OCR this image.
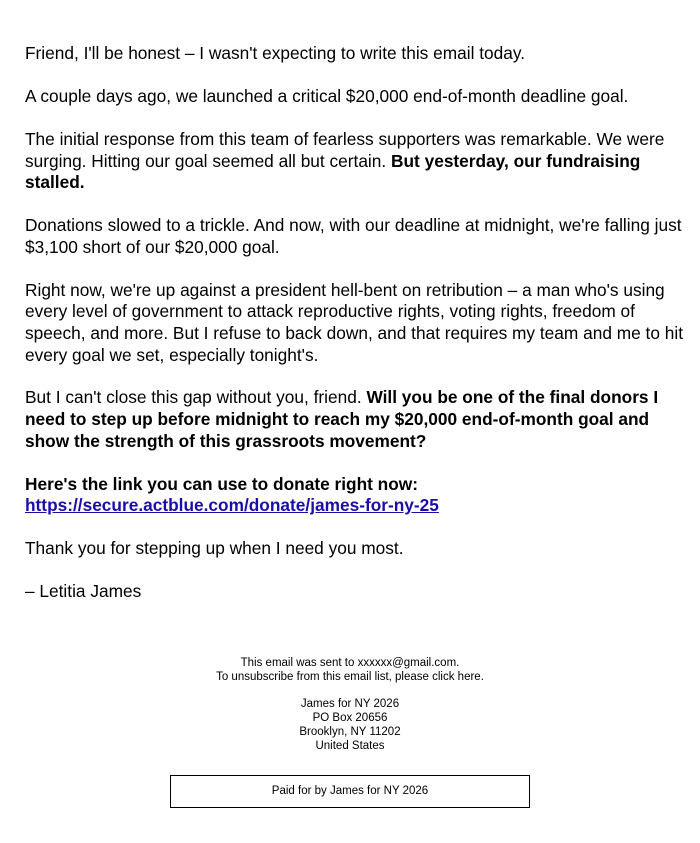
Friend, I'll be honest – I wasn't expecting to write this email today.

A couple days ago, we launched a critical $20,000 end-of-month deadline goal.

The initial response from this team of fearless supporters was remarkable. We were surging. Hitting our goal seemed all but certain. But yesterday, our fundraising stalled.

Donations slowed to a trickle. And now, with our deadline at midnight, we're falling just $3,100 short of our $20,000 goal.

Right now, we're up against a president hell-bent on retribution – a man who's using every level of government to attack reproductive rights, voting rights, freedom of speech, and more. But I refuse to back down, and that requires my team and me to hit every goal we set, especially tonight's.

But I can't close this gap without you, friend. Will you be one of the final donors I need to step up before midnight to reach my $20,000 end-of-month goal and show the strength of this grassroots movement?

Here's the link you can use to donate right now:
https://secure.actblue.com/donate/james-for-ny-25

Thank you for stepping up when I need you most.

– Letitia James

This email was sent to xxxxxx@gmail.com.
To unsubscribe from this email list, please click here.

James for NY 2026
PO Box 20656
Brooklyn, NY 11202
United States

Paid for by James for NY 2026
